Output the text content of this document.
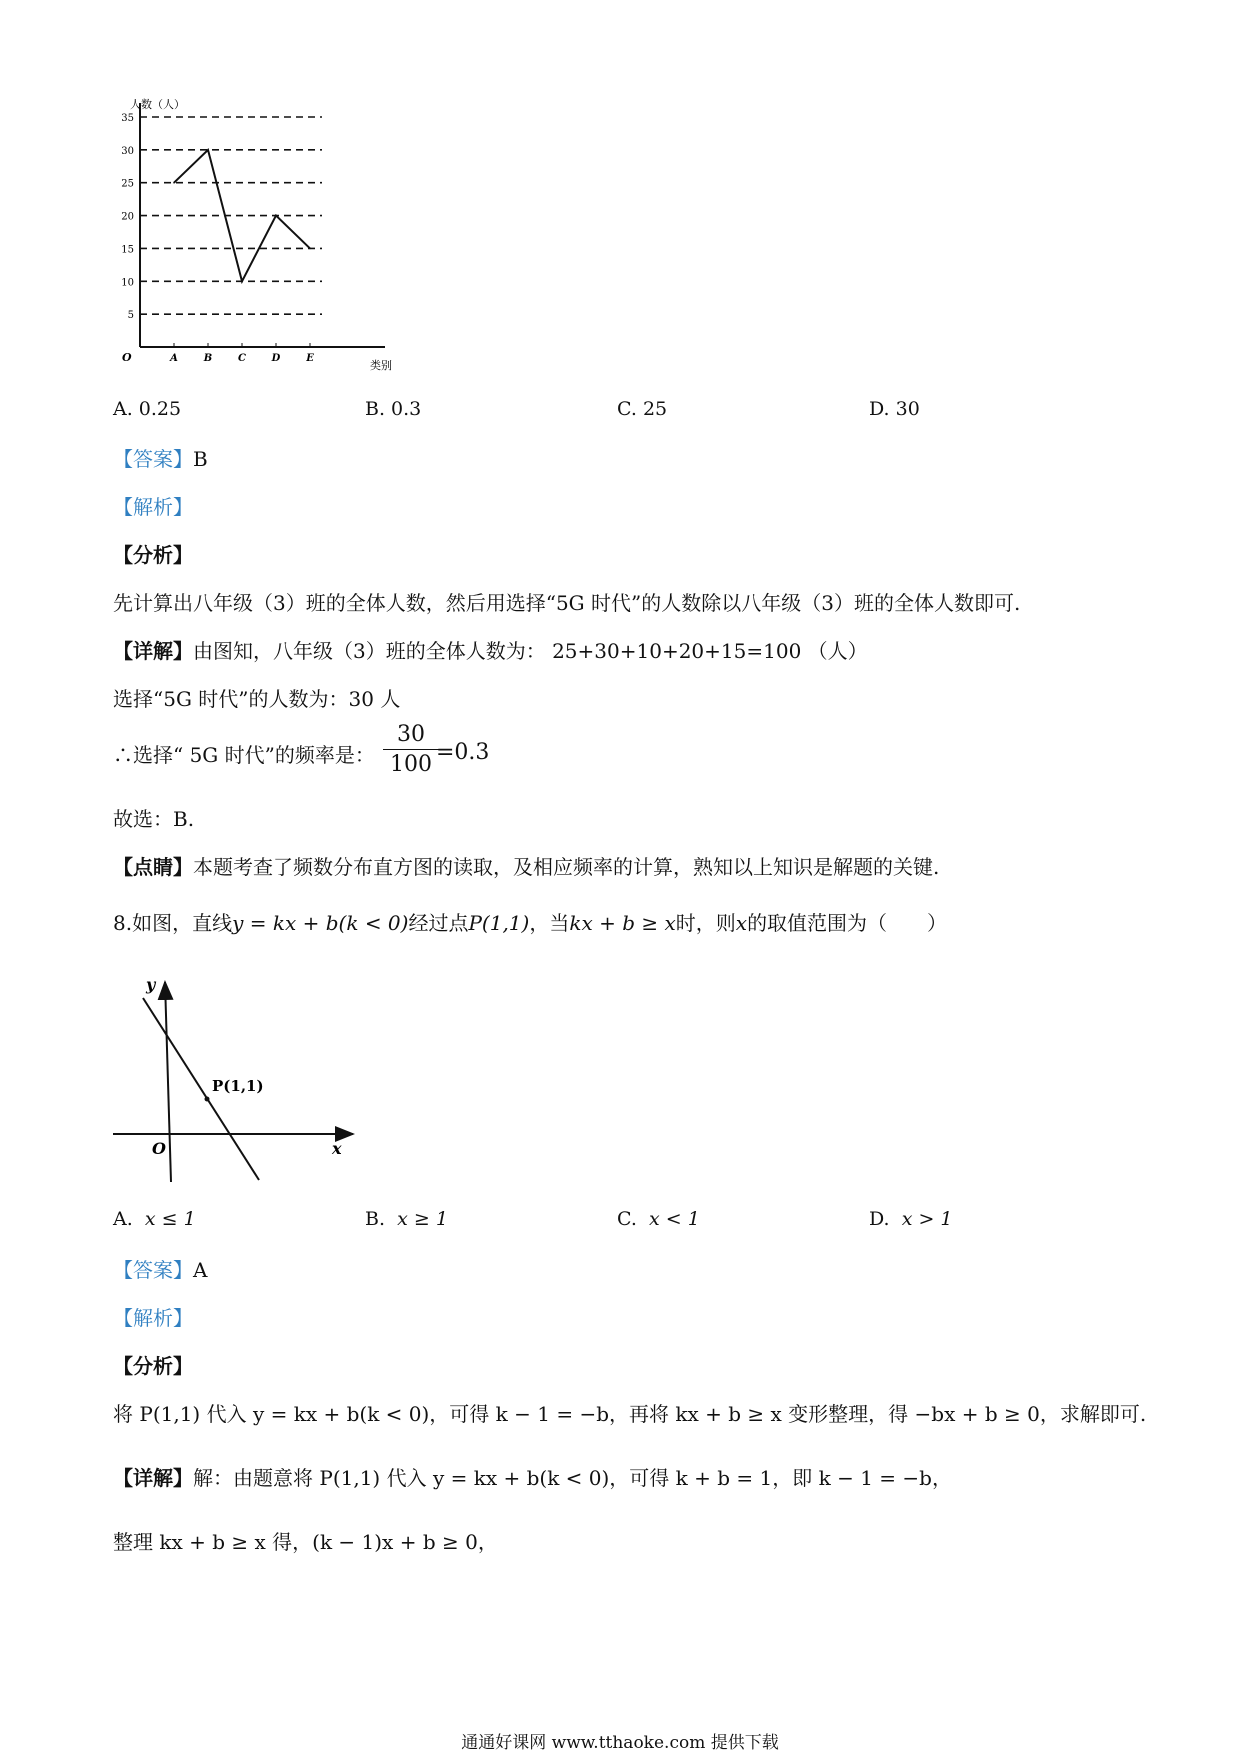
人数（人）
类别
O
5
10
15
20
25
30
35
A	B	C	D	E
A. 0.25	B. 0.3	C. 25	D. 30
【答案】B
【解析】
【分析】
先计算出八年级（3）班的全体人数，然后用选择“5G 时代”的人数除以八年级（3）班的全体人数即可.
【详解】由图知，八年级（3）班的全体人数为： 25+30+10+20+15=100 （人）
选择“5G 时代”的人数为：30 人
∴选择“ 5G 时代”的频率是：
30
100 =0.3
故选：B.
【点睛】本题考查了频数分布直方图的读取，及相应频率的计算，熟知以上知识是解题的关键.
8.如图，直线y = kx + b(k < 0)经过点P(1,1)，当kx + b ≥ x时，则x的取值范围为（　　）
y
x
O
P(1,1)
A. x ≤ 1	B. x ≥ 1	C. x < 1	D. x > 1
【答案】A
【解析】
【分析】
将 P(1,1) 代入 y = kx + b(k < 0)，可得 k − 1 = −b，再将 kx + b ≥ x 变形整理，得 −bx + b ≥ 0，求解即可.
【详解】解：由题意将 P(1,1) 代入 y = kx + b(k < 0)，可得 k + b = 1，即 k − 1 = −b，
整理 kx + b ≥ x 得，(k − 1)x + b ≥ 0，
通通好课网 www.tthaoke.com 提供下载
